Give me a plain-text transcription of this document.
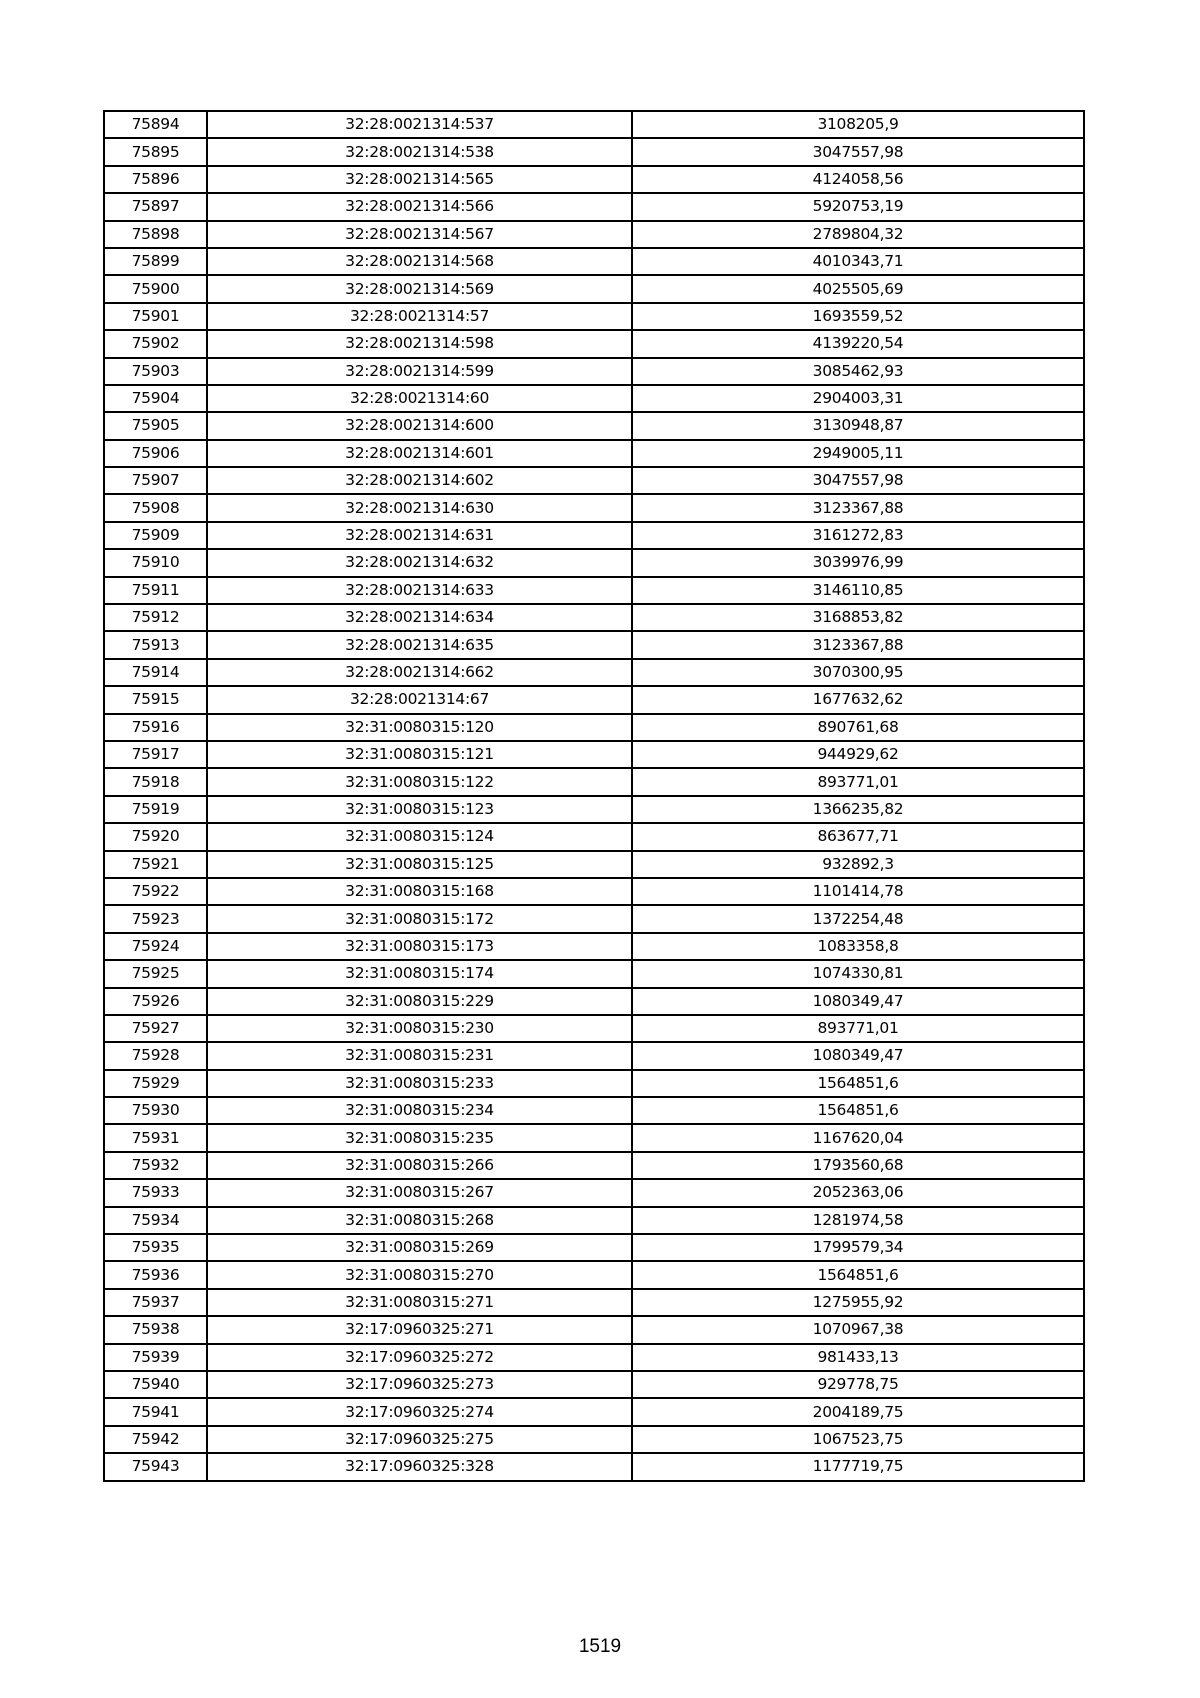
75894	32:28:0021314:537	3108205,9
75895	32:28:0021314:538	3047557,98
75896	32:28:0021314:565	4124058,56
75897	32:28:0021314:566	5920753,19
75898	32:28:0021314:567	2789804,32
75899	32:28:0021314:568	4010343,71
75900	32:28:0021314:569	4025505,69
75901	32:28:0021314:57	1693559,52
75902	32:28:0021314:598	4139220,54
75903	32:28:0021314:599	3085462,93
75904	32:28:0021314:60	2904003,31
75905	32:28:0021314:600	3130948,87
75906	32:28:0021314:601	2949005,11
75907	32:28:0021314:602	3047557,98
75908	32:28:0021314:630	3123367,88
75909	32:28:0021314:631	3161272,83
75910	32:28:0021314:632	3039976,99
75911	32:28:0021314:633	3146110,85
75912	32:28:0021314:634	3168853,82
75913	32:28:0021314:635	3123367,88
75914	32:28:0021314:662	3070300,95
75915	32:28:0021314:67	1677632,62
75916	32:31:0080315:120	890761,68
75917	32:31:0080315:121	944929,62
75918	32:31:0080315:122	893771,01
75919	32:31:0080315:123	1366235,82
75920	32:31:0080315:124	863677,71
75921	32:31:0080315:125	932892,3
75922	32:31:0080315:168	1101414,78
75923	32:31:0080315:172	1372254,48
75924	32:31:0080315:173	1083358,8
75925	32:31:0080315:174	1074330,81
75926	32:31:0080315:229	1080349,47
75927	32:31:0080315:230	893771,01
75928	32:31:0080315:231	1080349,47
75929	32:31:0080315:233	1564851,6
75930	32:31:0080315:234	1564851,6
75931	32:31:0080315:235	1167620,04
75932	32:31:0080315:266	1793560,68
75933	32:31:0080315:267	2052363,06
75934	32:31:0080315:268	1281974,58
75935	32:31:0080315:269	1799579,34
75936	32:31:0080315:270	1564851,6
75937	32:31:0080315:271	1275955,92
75938	32:17:0960325:271	1070967,38
75939	32:17:0960325:272	981433,13
75940	32:17:0960325:273	929778,75
75941	32:17:0960325:274	2004189,75
75942	32:17:0960325:275	1067523,75
75943	32:17:0960325:328	1177719,75
1519
